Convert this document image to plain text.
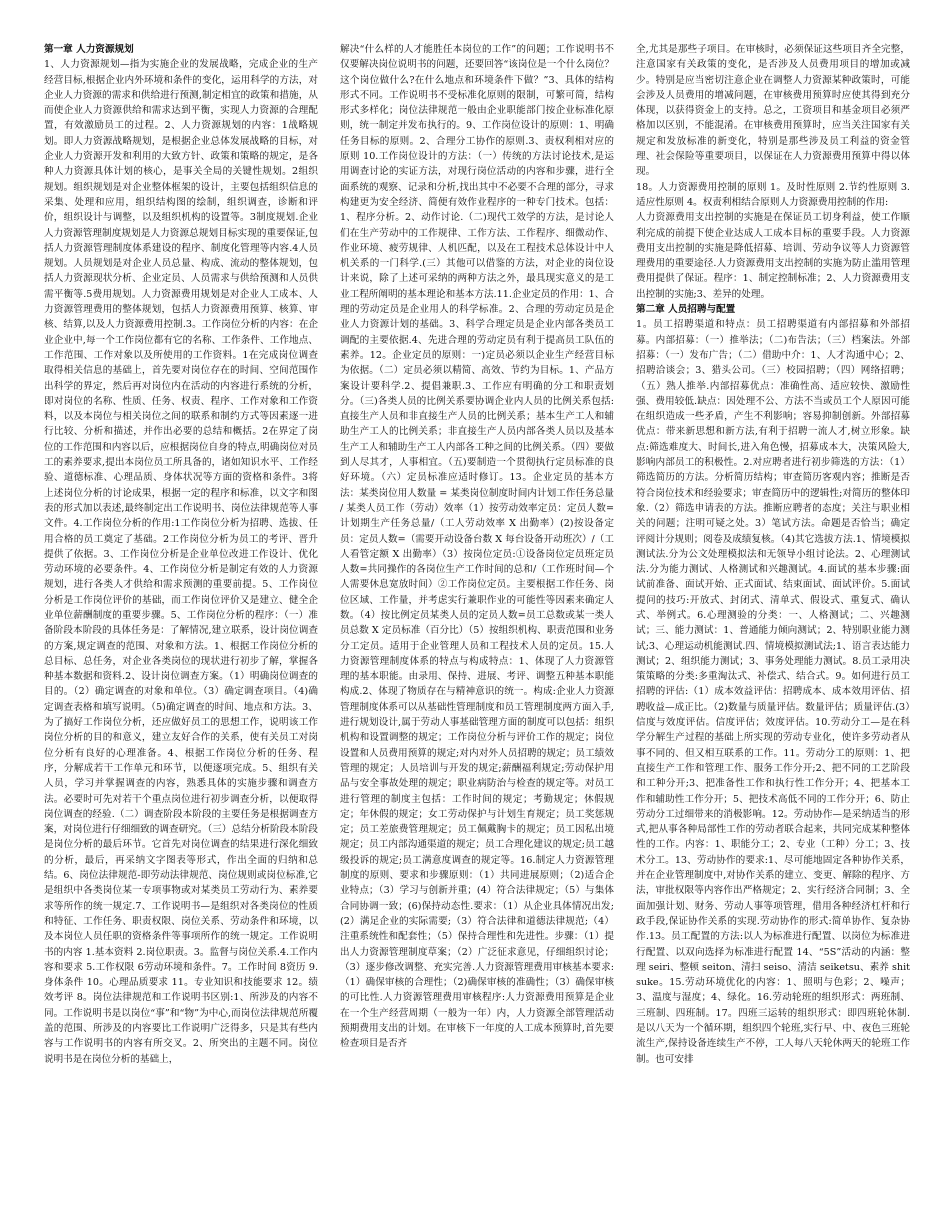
第一章 人力资源规划

1、人力资源规划—指为实施企业的发展战略，完成企业的生产经营目标,根据企业内外环境和条件的变化，运用科学的方法，对企业人力资源的需求和供给进行预测,制定相宜的政策和措施，从而使企业人力资源供给和需求达到平衡，实现人力资源的合理配置，有效激励员工的过程。2、人力资源规划的内容：1战略规划。即人力资源战略规划，是根据企业总体发展战略的目标，对企业人力资源开发和利用的大致方针、政策和策略的规定，是各种人力资源具体计划的核心，是事关全局的关键性规划。2组织规划。组织规划是对企业整体框架的设计，主要包括组织信息的采集、处理和应用，组织结构图的绘制，组织调查，诊断和评价，组织设计与调整，以及组织机构的设置等。3制度规划.企业人力资源管理制度规划是人力资源总规划目标实现的重要保证,包括人力资源管理制度体系建设的程序、制度化管理等内容.4人员规划。人员规划是对企业人员总量、构成、流动的整体规划，包括人力资源现状分析、企业定员、人员需求与供给预测和人员供需平衡等.5费用规划。人力资源费用规划是对企业人工成本、人力资源管理费用的整体规划，包括人力资源费用预算、核算、审核、结算,以及人力资源费用控制.3。工作岗位分析的内容：在企业企业中,每一个工作岗位都有它的名称、工作条件、工作地点、工作范围、工作对象以及所使用的工作资料。1在完成岗位调查取得相关信息的基础上，首先要对岗位存在的时间、空间范围作出科学的界定，然后再对岗位内在活动的内容进行系统的分析，即对岗位的名称、性质、任务、权责、程序、工作对象和工作资料，以及本岗位与相关岗位之间的联系和制约方式等因素逐一进行比较、分析和描述，并作出必要的总结和概括。2在界定了岗位的工作范围和内容以后，应根据岗位自身的特点,明确岗位对员工的素养要求,提出本岗位员工所具备的，诸如知识水平、工作经验、道德标准、心理品质、身体状况等方面的资格和条件。3将上述岗位分析的讨论成果，根据一定的程序和标准，以文字和图表的形式加以表述,最终制定出工作说明书、岗位法律规范等人事文件。4.工作岗位分析的作用:1工作岗位分析为招聘、选拔、任用合格的员工奠定了基础。2工作岗位分析为员工的考评、晋升提供了依据。3、工作岗位分析是企业单位改进工作设计、优化劳动环境的必要条件。4、工作岗位分析是制定有效的人力资源规划，进行各类人才供给和需求预测的重要前提。5、工作岗位分析是工作岗位评价的基础，而工作岗位评价又是建立、健全企业单位薪酬制度的重要步骤。5、工作岗位分析的程序：（一）准备阶段本阶段的具体任务是：了解情况,建立联系，设计岗位调查的方案,规定调查的范围、对象和方法。1、根据工作岗位分析的总目标、总任务，对企业各类岗位的现状进行初步了解，掌握各种基本数据和资料.2、设计岗位调查方案。（1）明确岗位调查的目的。（2）确定调查的对象和单位。（3）确定调查项目。（4)确定调查表格和填写说明。（5)确定调查的时间、地点和方法。3、为了搞好工作岗位分析，还应做好员工的思想工作，说明该工作岗位分析的目的和意义，建立友好合作的关系，使有关员工对岗位分析有良好的心理准备。4、根据工作岗位分析的任务、程序，分解成若干工作单元和环节，以便逐项完成。5、组织有关人员，学习并掌握调查的内容，熟悉具体的实施步骤和调查方法。必要时可先对若干个重点岗位进行初步调查分析，以便取得岗位调查的经验.（二）调查阶段本阶段的主要任务是根据调查方案，对岗位进行仔细细致的调查研究。（三）总结分析阶段本阶段是岗位分析的最后环节。它首先对岗位调查的结果进行深化细致的分析，最后，再采纳文字图表等形式，作出全面的归纳和总结。6、岗位法律规范-即劳动法律规范、岗位规则或岗位标准,它是组织中各类岗位某一专项事物或对某类员工劳动行为、素养要求等所作的统一规定.7、工作说明书—是组织对各类岗位的性质和特征、工作任务、职责权限、岗位关系、劳动条件和环境，以及本岗位人员任职的资格条件等事项所作的统一规定。工作说明书的内容 1.基本资料 2.岗位职责。3。监督与岗位关系.4.工作内容和要求 5.工作权限 6劳动环境和条件。7。工作时间 8资历 9.身体条件 10。心理品质要求 11。专业知识和技能要求 12。绩效考评 8。岗位法律规范和工作说明书区别:1、所涉及的内容不同。工作说明书是以岗位“事”和“物”为中心,而岗位法律规范所覆盖的范围、所涉及的内容要比工作说明广泛得多，只是其有些内容与工作说明书的内容有所交叉。2、所突出的主题不同。岗位说明书是在岗位分析的基础上，

解决“什么样的人才能胜任本岗位的工作”的问题；工作说明书不仅要解决岗位说明书的问题，还要回答“该岗位是一个什么岗位？这个岗位做什么?在什么地点和环境条件下做？”3、具体的结构形式不同。工作说明书不受标准化原则的限制，可繁可简，结构形式多样化；岗位法律规范一般由企业职能部门按企业标准化原则，统一制定并发布执行的。9、工作岗位设计的原则：1、明确任务目标的原则。2、合理分工协作的原则.3、责权利相对应的原则 10.工作岗位设计的方法：（一）传统的方法讨论技术,是运用调查讨论的实证方法，对现行岗位活动的内容和步骤，进行全面系统的观察、记录和分析,找出其中不必要不合理的部分，寻求构建更为安全经济、简便有效作业程序的一种专门技术。包括：1、程序分析。2、动作讨论.（二)现代工效学的方法，是讨论人们在生产劳动中的工作规律、工作方法、工作程序、细微动作、作业环境、疲劳规律、人机匹配，以及在工程技术总体设计中人机关系的一门科学.(三）其他可以借鉴的方法，对企业的岗位设计来说，除了上述可采纳的两种方法之外，最具现实意义的是工业工程所阐明的基本理论和基本方法.11.企业定员的作用：1、合理的劳动定员是企业用人的科学标准。2、合理的劳动定员是企业人力资源计划的基础。3、科学合理定员是企业内部各类员工调配的主要依据.4、先进合理的劳动定员有利于提高员工队伍的素养。12。企业定员的原则：一)定员必须以企业生产经营目标为依据。（二）定员必须以精简、高效、节约为目标。1、产品方案设计要科学.2、提倡兼职.3、工作应有明确的分工和职责划分。（三)各类人员的比例关系要协调企业内人员的比例关系包括:直接生产人员和非直接生产人员的比例关系；基本生产工人和辅助生产工人的比例关系；非直接生产人员内部各类人员以及基本生产工人和辅助生产工人内部各工种之间的比例关系。（四）要做到人尽其才，人事相宜。（五)要制造一个贯彻执行定员标准的良好环境。（六）定员标准应适时修订。13。企业定员的基本方法：某类岗位用人数量 = 某类岗位制度时间内计划工作任务总量 / 某类人员工作（劳动）效率（1）按劳动效率定员：定员人数=计划期生产任务总量/（工人劳动效率 X 出勤率）(2)按设备定员：定员人数=（需要开动设备台数 X 每台设备开动班次）/（工人看管定额 X 出勤率）（3）按岗位定员:①设备岗位定员班定员人数=共同操作的各岗位生产工作时间的总和/（工作班时间—个人需要休息宽放时间）②工作岗位定员。主要根据工作任务、岗位区域、工作量，并考虑实行兼职作业的可能性等因素来确定人数。（4）按比例定员某类人员的定员人数=员工总数或某一类人员总数 X 定员标准（百分比）（5）按组织机构、职责范围和业务分工定员。适用于企业管理人员和工程技术人员的定员。15.人力资源管理制度体系的特点与构成特点：1、体现了人力资源管理的基本职能。由录用、保持、进展、考评、调整五种基本职能构成.2、体现了物质存在与精神意识的统一。构成:企业人力资源管理制度体系可以从基础性管理制度和员工管理制度两方面入手,进行规划设计,属于劳动人事基础管理方面的制度可以包括：组织机构和设置调整的规定；工作岗位分析与评价工作的规定；岗位设置和人员费用预算的规定;对内对外人员招聘的规定；员工绩效管理的规定；人员培训与开发的规定;薪酬福利规定;劳动保护用品与安全事故处理的规定；职业病防治与检查的规定等。对员工进行管理的制度主包括：工作时间的规定；考勤规定；休假规定；年休假的规定；女工劳动保护与计划生育规定；员工奖惩规定；员工差旅费管理规定；员工佩戴胸卡的规定；员工因私出境规定；员工内部沟通渠道的规定；员工合理化建议的规定;员工越级投诉的规定;员工满意度调查的规定等。16.制定人力资源管理制度的原则、要求和步骤原则：（1）共同进展原则；（2)适合企业特点；（3）学习与创新并重；(4）符合法律规定；（5）与集体合同协调一致；(6)保持动态性.要求：（1）从企业具体情况出发;(2）满足企业的实际需要;（3）符合法律和道德法律规范;（4）注重系统性和配套性；（5）保持合理性和先进性。步骤：（1）提出人力资源管理制度草案；（2）广泛征求意见，仔细组织讨论；（3）逐步修改调整、充实完善.人力资源管理费用审核基本要求:（1）确保审核的合理性；（2)确保审核的准确性；（3）确保审核的可比性.人力资源管理费用审核程序:人力资源费用预算是企业在一个生产经营周期（一般为一年）内，人力资源全部管理活动预期费用支出的计划。在审核下一年度的人工成本预算时,首先要检查项目是否齐

全,尤其是那些子项目。在审核时，必须保证这些项目齐全完整，注意国家有关政策的变化，是否涉及人员费用项目的增加或减少。特别是应当密切注意企业在调整人力资源某种政策时，可能会涉及人员费用的增减问题，在审核费用预算时应使其得到充分体现，以获得资金上的支持。总之，工资项目和基金项目必须严格加以区别，不能混淆。在审核费用预算时，应当关注国家有关规定和发放标准的新变化，特别是那些涉及员工利益的资金管理、社会保险等重要项目，以保证在人力资源费用预算中得以体现。

18。人力资源费用控制的原则 1。及时性原则 2.节约性原则 3.适应性原则 4。权责利相结合原则人力资源费用控制的作用:

人力资源费用支出控制的实施是在保证员工切身利益，使工作顺利完成的前提下使企业达成人工成本目标的重要手段。人力资源费用支出控制的实施是降低招募、培训、劳动争议等人力资源管理费用的重要途径.人力资源费用支出控制的实施为防止滥用管理费用提供了保证。程序：1、制定控制标准；2、人力资源费用支出控制的实施;3、差异的处理。

第二章 人员招聘与配置

1。员工招聘渠道和特点：员工招聘渠道有内部招募和外部招募。内部招募：（一）推举法；（二)布告法；（三）档案法。外部招募：（一）发布广告；（二）借助中介：1、人才沟通中心；2、招聘洽谈会；3、猎头公司。（三）校园招聘；（四）网络招聘；（五）熟人推举.内部招募优点：准确性高、适应较快、激励性强、费用较低.缺点：因处理不公、方法不当或员工个人原因可能在组织造成一些矛盾，产生不利影响；容易抑制创新。外部招募优点：带来新思想和新方法,有利于招聘一流人才,树立形象。缺点:筛选难度大、时间长,进入角色慢，招募成本大，决策风险大,影响内部员工的积极性。2.对应聘者进行初步筛选的方法：（1）筛选简历的方法。分析简历结构；审查简历客观内容；推断是否符合岗位技术和经验要求；审查简历中的逻辑性;对简历的整体印象.（2）筛选申请表的方法。推断应聘者的态度；关注与职业相关的问题；注明可疑之处。3）笔试方法。命题是否恰当；确定评阅计分规则；阅卷及成绩复核。（4)其它选拔方法.1、情境模拟测试法.分为公文处理模拟法和无领导小组讨论法。2、心理测试法.分为能力测试、人格测试和兴趣测试。4.面试的基本步骤:面试前准备、面试开始、正式面试、结束面试、面试评价。5.面试提问的技巧:开放式、封闭式、清单式、假设式、重复式、确认式、举例式。6.心理测验的分类：一、人格测试；二、兴趣测试；三、能力测试：1、普通能力倾向测试；2、特别职业能力测试;3、心理运动机能测试.四、情境模拟测试法;1、语言表达能力测试；2、组织能力测试；3、事务处理能力测试。8.员工录用决策策略的分类:多重淘汰式、补偿式、结合式。9。如何进行员工招聘的评估:（1）成本效益评估：招聘成本、成本效用评估、招聘收益—成正比。（2)数量与质量评估。数量评估；质量评估.(3）信度与效度评估。信度评估；效度评估。10.劳动分工—是在科学分解生产过程的基础上所实现的劳动专业化，使许多劳动者从事不同的、但又相互联系的工作。11。劳动分工的原则：1、把直接生产工作和管理工作、服务工作分开;2、把不同的工艺阶段和工种分开;3、把准备性工作和执行性工作分开；4、把基本工作和辅助性工作分开；5、把技术高低不同的工作分开；6、防止劳动分工过细带来的消极影响。12。劳动协作—是采纳适当的形式,把从事各种局部性工作的劳动者联合起来，共同完成某种整体性的工作。内容：1、职能分工；2、专业（工种）分工；3、技术分工。13、劳动协作的要求:1、尽可能地固定各种协作关系，并在企业管理制度中,对协作关系的建立、变更、解除的程序、方法，审批权限等内容作出严格规定；2、实行经济合同制；3、全面加强计划、财务、劳动人事等项管理，借用各种经济杠杆和行政手段,保证协作关系的实现.劳动协作的形式:简单协作、复杂协作.13。员工配置的方法:以人为标准进行配置、以岗位为标准进行配置、以双向选择为标准进行配置 14、“5S”活动的内涵：整理 seiri、整顿 seiton、清扫 seiso、清洁 seiketsu、素养 shitsuke。15.劳动环境优化的内容：1、照明与色彩；2、噪声；3、温度与湿度；4、绿化。16.劳动轮班的组织形式：两班制、三班制、四班制。17。四班三运转的组织形式：即四班轮休制.是以八天为一个循环期，组织四个轮班,实行早、中、夜色三班轮流生产,保持设备连续生产不停，工人每八天轮休两天的轮班工作制。也可安排
